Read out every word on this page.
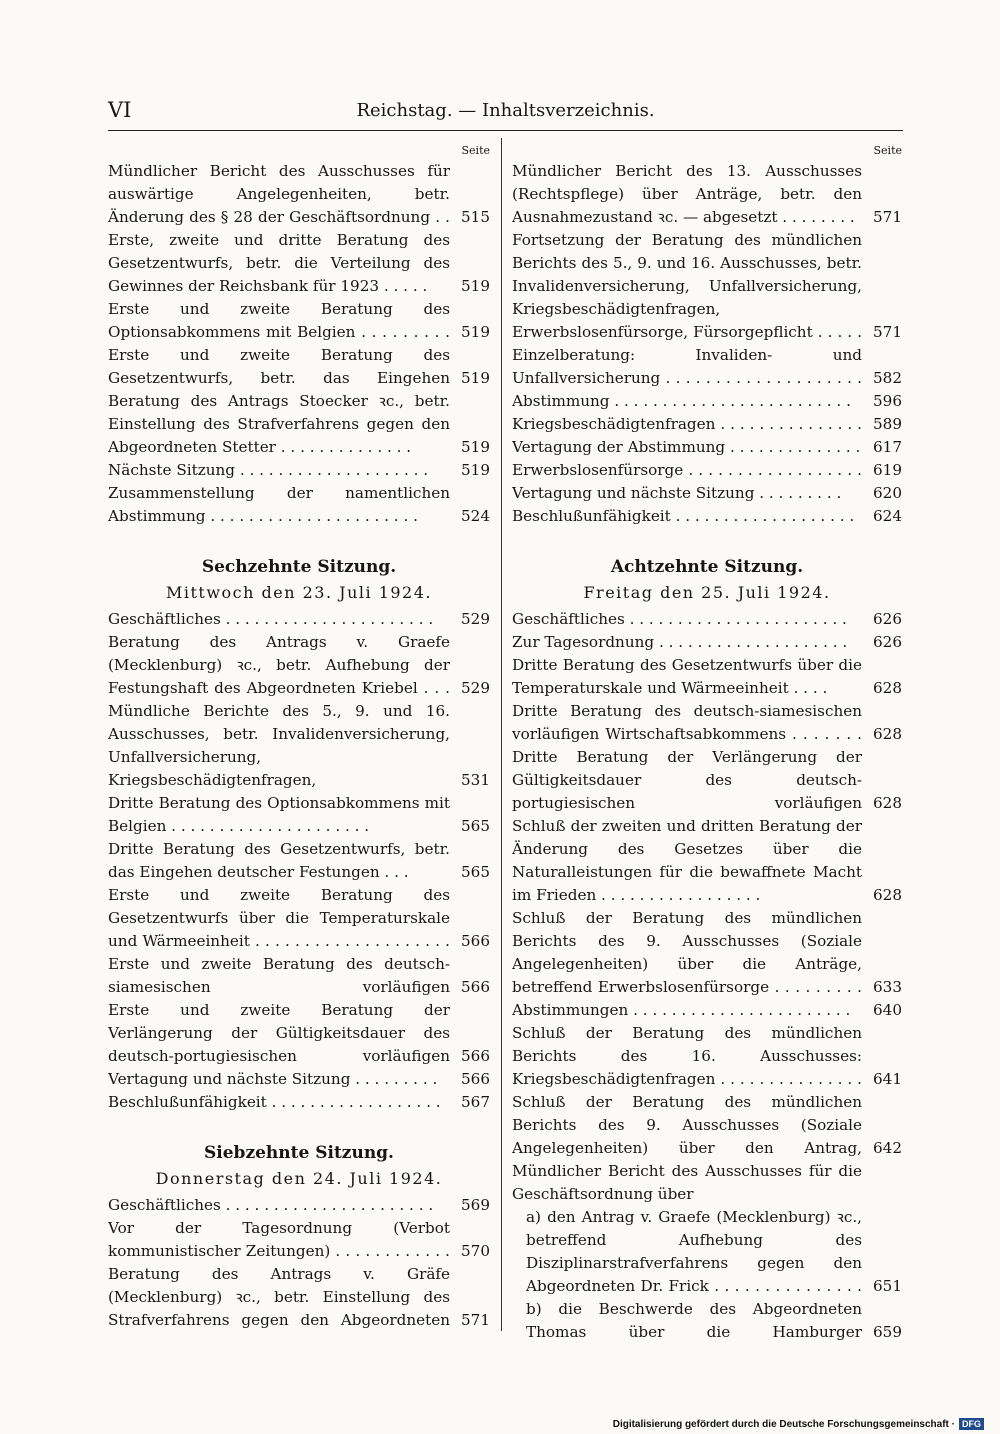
VI	Reichstag. — Inhaltsverzeichnis.
Seite
Mündlicher Bericht des Ausschusses für auswärtige Angelegenheiten, betr. Änderung des § 28 der Geschäftsordnung . . 515
Erste, zweite und dritte Beratung des Gesetzentwurfs, betr. die Verteilung des Gewinnes der Reichsbank für 1923 . . . . .	519
Erste und zweite Beratung des Optionsabkommens mit Belgien . . . . . . . . . 519
Erste und zweite Beratung des Gesetzentwurfs, betr. das Eingehen 519
Beratung des Antrags Stoecker ꝛc., betr. Einstellung des Strafverfahrens gegen den Abgeordneten Stetter . . . . . . . . . . . . . .	519
Nächste Sitzung . . . . . . . . . . . . . . . . . . . .	519
Zusammenstellung der namentlichen Abstimmung . . . . . . . . . . . . . . . . . . . . . .	524
Sechzehnte Sitzung.
Mittwoch den 23. Juli 1924.
Geschäftliches . . . . . . . . . . . . . . . . . . . . . .	529
Beratung des Antrags v. Graefe (Mecklenburg) ꝛc., betr. Aufhebung der Festungshaft des Abgeordneten Kriebel . . . 529
Mündliche Berichte des 5., 9. und 16. Ausschusses, betr. Invalidenversicherung, Unfallversicherung, Kriegsbeschädigtenfragen,	531
Dritte Beratung des Optionsabkommens mit Belgien . . . . . . . . . . . . . . . . . . . . .	565
Dritte Beratung des Gesetzentwurfs, betr. das Eingehen deutscher Festungen . . .	565
Erste und zweite Beratung des Gesetzentwurfs über die Temperaturskale und Wärmeeinheit . . . . . . . . . . . . . . . . . . . . 566
Erste und zweite Beratung des deutsch-siamesischen vorläufigen 566
Erste und zweite Beratung der Verlängerung der Gültigkeitsdauer des deutsch-portugiesischen vorläufigen 566
Vertagung und nächste Sitzung . . . . . . . . .	566
Beschlußunfähigkeit . . . . . . . . . . . . . . . . . .	567
Siebzehnte Sitzung.
Donnerstag den 24. Juli 1924.
Geschäftliches . . . . . . . . . . . . . . . . . . . . . .	569
Vor der Tagesordnung (Verbot kommunistischer Zeitungen) . . . . . . . . . . . . 570
Beratung des Antrags v. Gräfe (Mecklenburg) ꝛc., betr. Einstellung des Strafverfahrens gegen den Abgeordneten 571
Seite
Mündlicher Bericht des 13. Ausschusses (Rechtspflege) über Anträge, betr. den Ausnahmezustand ꝛc. — abgesetzt . . . . . . . .	571
Fortsetzung der Beratung des mündlichen Berichts des 5., 9. und 16. Ausschusses, betr. Invalidenversicherung, Unfallversicherung, Kriegsbeschädigtenfragen, Erwerbslosenfürsorge, Fürsorgepflicht . . . . . 571
Einzelberatung: Invaliden- und Unfallversicherung . . . . . . . . . . . . . . . . . . . . 582
Abstimmung . . . . . . . . . . . . . . . . . . . . . . . . .	596
Kriegsbeschädigtenfragen . . . . . . . . . . . . . . . 589
Vertagung der Abstimmung . . . . . . . . . . . . . . 617
Erwerbslosenfürsorge . . . . . . . . . . . . . . . . . . 619
Vertagung und nächste Sitzung . . . . . . . . .	620
Beschlußunfähigkeit . . . . . . . . . . . . . . . . . . .	624
Achtzehnte Sitzung.
Freitag den 25. Juli 1924.
Geschäftliches . . . . . . . . . . . . . . . . . . . . . . .	626
Zur Tagesordnung . . . . . . . . . . . . . . . . . . . .	626
Dritte Beratung des Gesetzentwurfs über die Temperaturskale und Wärmeeinheit . . . .	628
Dritte Beratung des deutsch-siamesischen vorläufigen Wirtschaftsabkommens . . . . . . . 628
Dritte Beratung der Verlängerung der Gültigkeitsdauer des deutsch-portugiesischen vorläufigen 628
Schluß der zweiten und dritten Beratung der Änderung des Gesetzes über die Naturalleistungen für die bewaffnete Macht im Frieden . . . . . . . . . . . . . . . . .	628
Schluß der Beratung des mündlichen Berichts des 9. Ausschusses (Soziale Angelegenheiten) über die Anträge, betreffend Erwerbslosenfürsorge . . . . . . . . . 633
Abstimmungen . . . . . . . . . . . . . . . . . . . . . . .	640
Schluß der Beratung des mündlichen Berichts des 16. Ausschusses: Kriegsbeschädigtenfragen . . . . . . . . . . . . . . . 641
Schluß der Beratung des mündlichen Berichts des 9. Ausschusses (Soziale Angelegenheiten) über den Antrag, 642
Mündlicher Bericht des Ausschusses für die Geschäftsordnung über
a) den Antrag v. Graefe (Mecklenburg) ꝛc., betreffend Aufhebung des Disziplinarstrafverfahrens gegen den Abgeordneten Dr. Frick . . . . . . . . . . . . . . . 651
b) die Beschwerde des Abgeordneten Thomas über die Hamburger 659
Digitalisierung gefördert durch die Deutsche Forschungsgemeinschaft · DFG
